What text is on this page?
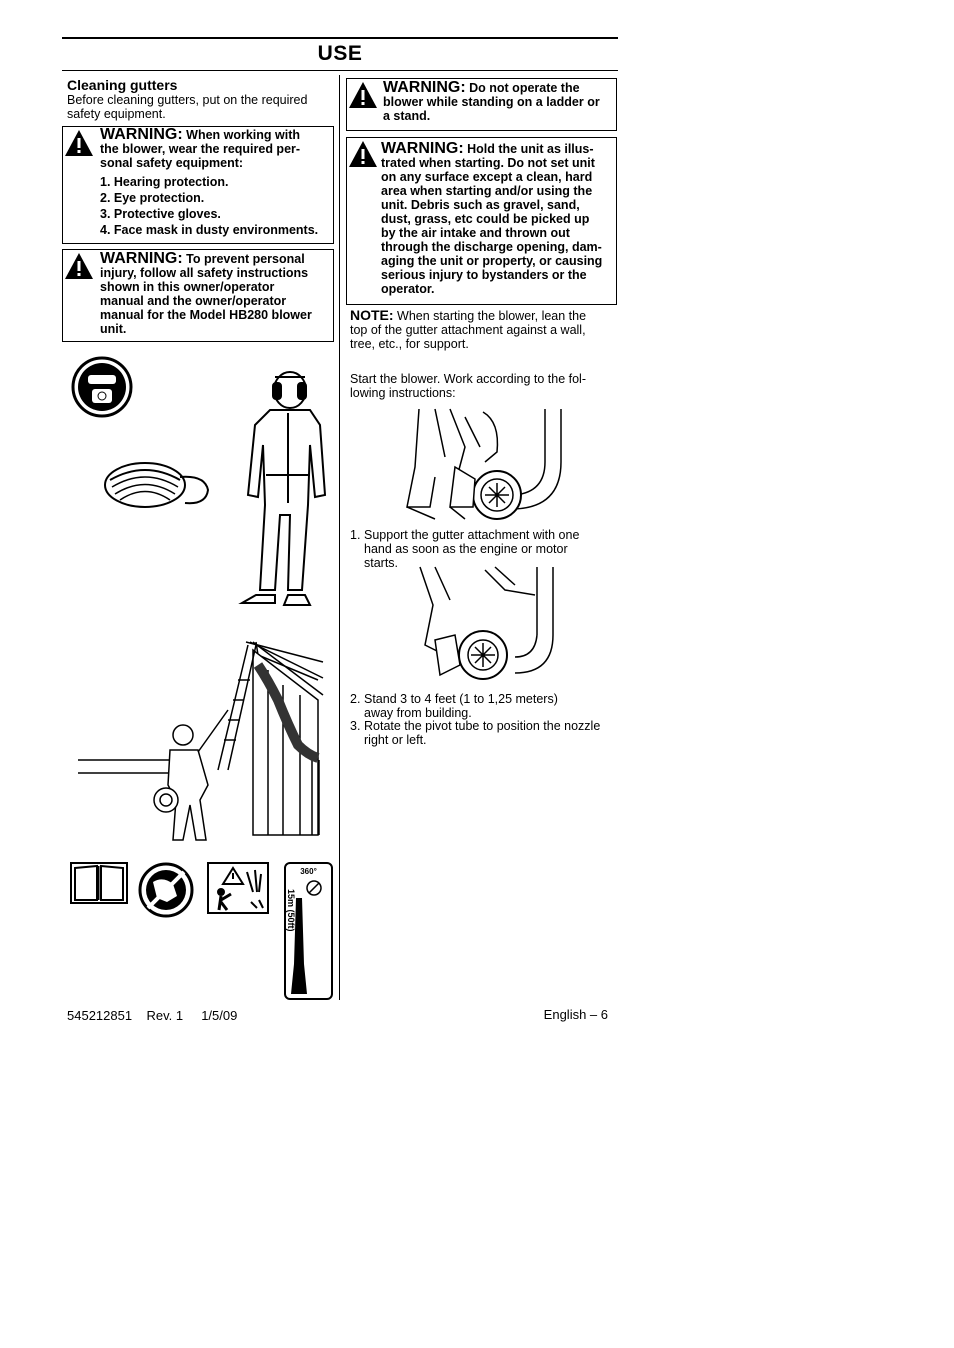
USE
Cleaning gutters
Before cleaning gutters, put on the required
safety equipment.
WARNING: When working with
the blower, wear the required per-
sonal safety equipment:
1. Hearing protection.
2. Eye protection.
3. Protective gloves.
4. Face mask in dusty environments.
WARNING: To prevent personal
injury, follow all safety instructions
shown in this owner/operator
manual and the owner/operator
manual for the Model HB280 blower
unit.
360°
15m (50ft)
WARNING: Do not operate the
blower while standing on a ladder or
a stand.
WARNING: Hold the unit as illus-
trated when starting. Do not set unit
on any surface except a clean, hard
area when starting and/or using the
unit. Debris such as gravel, sand,
dust, grass, etc could be picked up
by the air intake and thrown out
through the discharge opening, dam-
aging the unit or property, or causing
serious injury to bystanders or the
operator.
NOTE: When starting the blower, lean the
top of the gutter attachment against a wall,
tree, etc., for support.
Start the blower. Work according to the fol-
lowing instructions:
1. Support the gutter attachment with one
hand as soon as the engine or motor
starts.
2. Stand 3 to 4 feet (1 to 1,25 meters)
away from building.
3. Rotate the pivot tube to position the nozzle
right or left.
545212851 Rev. 1 1/5/09	English – 6
